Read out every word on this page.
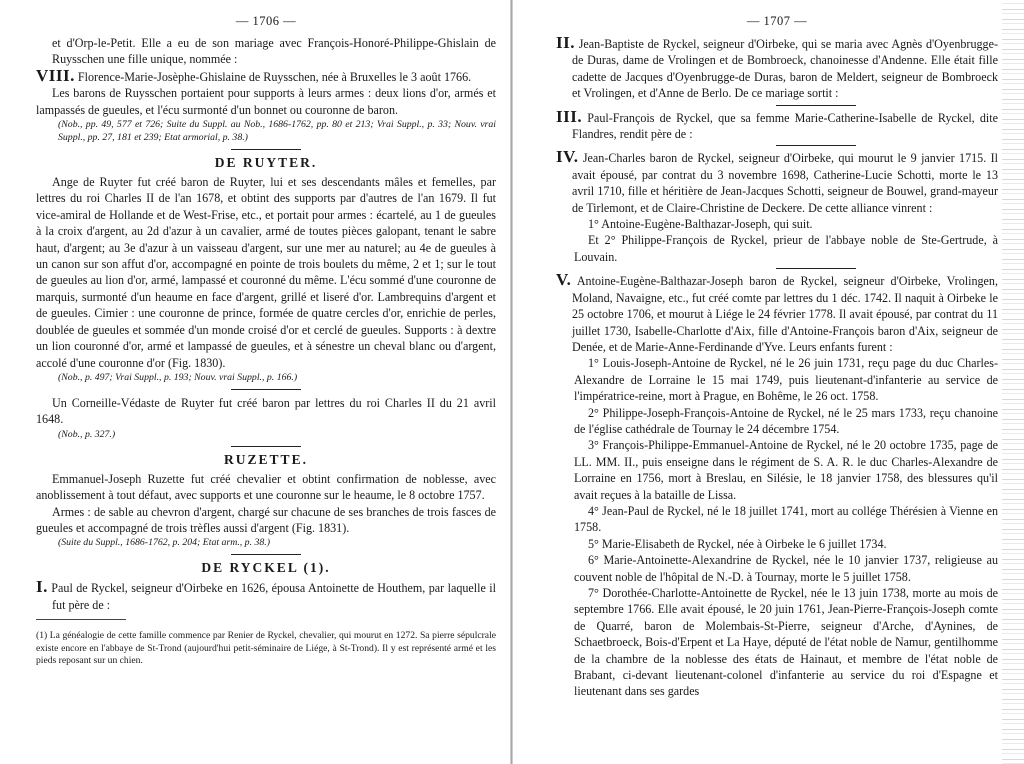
— 1706 —

et d'Orp-le-Petit. Elle a eu de son mariage avec François-Honoré-Philippe-Ghislain de Ruysschen une fille unique, nommée :

VIII. Florence-Marie-Josèphe-Ghislaine de Ruysschen, née à Bruxelles le 3 août 1766.

Les barons de Ruysschen portaient pour supports à leurs armes : deux lions d'or, armés et lampassés de gueules, et l'écu surmonté d'un bonnet ou couronne de baron.

(Nob., pp. 49, 577 et 726; Suite du Suppl. au Nob., 1686-1762, pp. 80 et 213; Vrai Suppl., p. 33; Nouv. vrai Suppl., pp. 27, 181 et 239; Etat armorial, p. 38.)

DE RUYTER.

Ange de Ruyter fut créé baron de Ruyter, lui et ses descendants mâles et femelles, par lettres du roi Charles II de l'an 1678, et obtint des supports par d'autres de l'an 1679. Il fut vice-amiral de Hollande et de West-Frise, etc., et portait pour armes : écartelé, au 1 de gueules à la croix d'argent, au 2d d'azur à un cavalier, armé de toutes pièces galopant, tenant le sabre haut, d'argent; au 3e d'azur à un vaisseau d'argent, sur une mer au naturel; au 4e de gueules à un canon sur son affut d'or, accompagné en pointe de trois boulets du même, 2 et 1; sur le tout de gueules au lion d'or, armé, lampassé et couronné du même. L'écu sommé d'une couronne de marquis, surmonté d'un heaume en face d'argent, grillé et liseré d'or. Lambrequins d'argent et de gueules. Cimier : une couronne de prince, formée de quatre cercles d'or, enrichie de perles, doublée de gueules et sommée d'un monde croisé d'or et cerclé de gueules. Supports : à dextre un lion couronné d'or, armé et lampassé de gueules, et à sénestre un cheval blanc ou d'argent, accolé d'une couronne d'or (Fig. 1830).

(Nob., p. 497; Vrai Suppl., p. 193; Nouv. vrai Suppl., p. 166.)

Un Corneille-Védaste de Ruyter fut créé baron par lettres du roi Charles II du 21 avril 1648.

(Nob., p. 327.)

RUZETTE.

Emmanuel-Joseph Ruzette fut créé chevalier et obtint confirmation de noblesse, avec anoblissement à tout défaut, avec supports et une couronne sur le heaume, le 8 octobre 1757.

Armes : de sable au chevron d'argent, chargé sur chacune de ses branches de trois fasces de gueules et accompagné de trois trèfles aussi d'argent (Fig. 1831).

(Suite du Suppl., 1686-1762, p. 204; Etat arm., p. 38.)

DE RYCKEL (1).

I. Paul de Ryckel, seigneur d'Oirbeke en 1626, épousa Antoinette de Houthem, par laquelle il fut père de :

(1) La généalogie de cette famille commence par Renier de Ryckel, chevalier, qui mourut en 1272. Sa pierre sépulcrale existe encore en l'abbaye de St-Trond (aujourd'hui petit-séminaire de Liége, à St-Trond). Il y est représenté armé et les pieds reposant sur un chien.

— 1707 —

II. Jean-Baptiste de Ryckel, seigneur d'Oirbeke, qui se maria avec Agnès d'Oyenbrugge-de Duras, dame de Vrolingen et de Bombroeck, chanoinesse d'Andenne. Elle était fille cadette de Jacques d'Oyenbrugge-de Duras, baron de Meldert, seigneur de Bombroeck et Vrolingen, et d'Anne de Berlo. De ce mariage sortit :

III. Paul-François de Ryckel, que sa femme Marie-Catherine-Isabelle de Ryckel, dite Flandres, rendit père de :

IV. Jean-Charles baron de Ryckel, seigneur d'Oirbeke, qui mourut le 9 janvier 1715. Il avait épousé, par contrat du 3 novembre 1698, Catherine-Lucie Schotti, morte le 13 avril 1710, fille et héritière de Jean-Jacques Schotti, seigneur de Bouwel, grand-mayeur de Tirlemont, et de Claire-Christine de Deckere. De cette alliance vinrent :

1° Antoine-Eugène-Balthazar-Joseph, qui suit.

Et 2° Philippe-François de Ryckel, prieur de l'abbaye noble de Ste-Gertrude, à Louvain.

V. Antoine-Eugène-Balthazar-Joseph baron de Ryckel, seigneur d'Oirbeke, Vrolingen, Moland, Navaigne, etc., fut créé comte par lettres du 1 déc. 1742. Il naquit à Oirbeke le 25 octobre 1706, et mourut à Liége le 24 février 1778. Il avait épousé, par contrat du 11 juillet 1730, Isabelle-Charlotte d'Aix, fille d'Antoine-François baron d'Aix, seigneur de Denée, et de Marie-Anne-Ferdinande d'Yve. Leurs enfants furent :

1° Louis-Joseph-Antoine de Ryckel, né le 26 juin 1731, reçu page du duc Charles-Alexandre de Lorraine le 15 mai 1749, puis lieutenant-d'infanterie au service de l'impératrice-reine, mort à Prague, en Bohême, le 26 oct. 1758.

2° Philippe-Joseph-François-Antoine de Ryckel, né le 25 mars 1733, reçu chanoine de l'église cathédrale de Tournay le 24 décembre 1754.

3° François-Philippe-Emmanuel-Antoine de Ryckel, né le 20 octobre 1735, page de LL. MM. II., puis enseigne dans le régiment de S. A. R. le duc Charles-Alexandre de Lorraine en 1756, mort à Breslau, en Silésie, le 18 janvier 1758, des blessures qu'il avait reçues à la bataille de Lissa.

4° Jean-Paul de Ryckel, né le 18 juillet 1741, mort au collége Thérésien à Vienne en 1758.

5° Marie-Elisabeth de Ryckel, née à Oirbeke le 6 juillet 1734.

6° Marie-Antoinette-Alexandrine de Ryckel, née le 10 janvier 1737, religieuse au couvent noble de l'hôpital de N.-D. à Tournay, morte le 5 juillet 1758.

7° Dorothée-Charlotte-Antoinette de Ryckel, née le 13 juin 1738, morte au mois de septembre 1766. Elle avait épousé, le 20 juin 1761, Jean-Pierre-François-Joseph comte de Quarré, baron de Molembais-St-Pierre, seigneur d'Arche, d'Aynines, de Schaetbroeck, Bois-d'Erpent et La Haye, député de l'état noble de Namur, gentilhomme de la chambre de la noblesse des états de Hainaut, et membre de l'état noble de Brabant, ci-devant lieutenant-colonel d'infanterie au service du roi d'Espagne et lieutenant dans ses gardes
